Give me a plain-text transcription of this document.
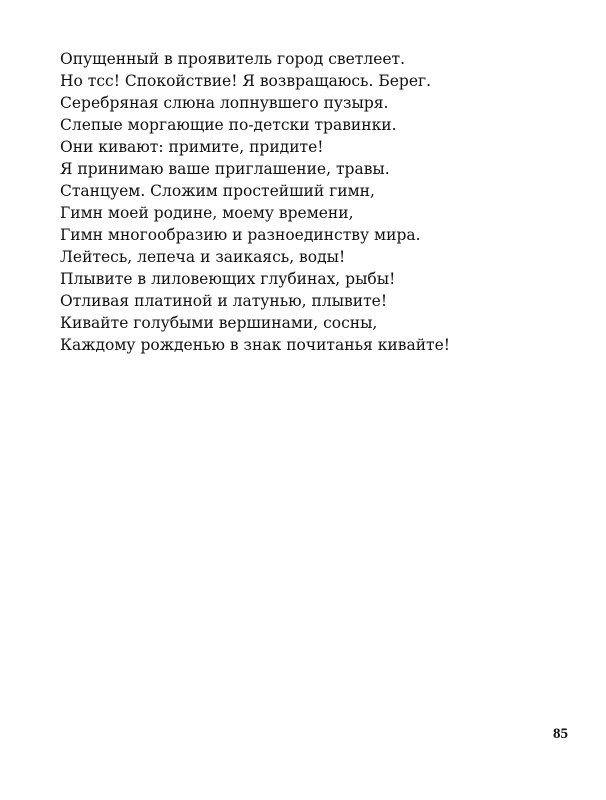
Опущенный в проявитель город светлеет.
Но тсс! Спокойствие! Я возвращаюсь. Берег.
Серебряная слюна лопнувшего пузыря.
Слепые моргающие по-детски травинки.
Они кивают: примите, придите!
Я принимаю ваше приглашение, травы.
Станцуем. Сложим простейший гимн,
Гимн моей родине, моему времени,
Гимн многообразию и разноединству мира.
Лейтесь, лепеча и заикаясь, воды!
Плывите в лиловеющих глубинах, рыбы!
Отливая платиной и латунью, плывите!
Кивайте голубыми вершинами, сосны,
Каждому рожденью в знак почитанья кивайте!
85
